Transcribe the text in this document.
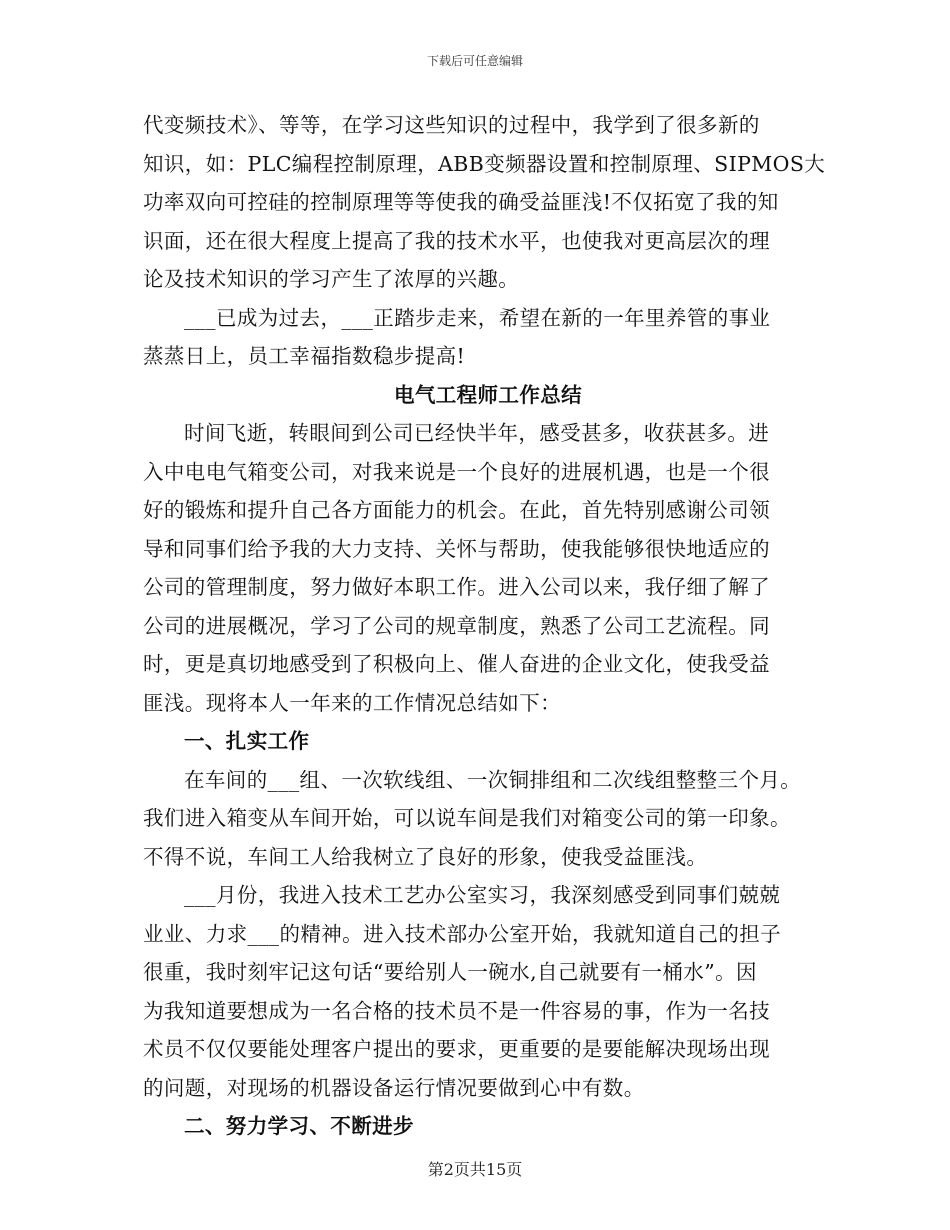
下载后可任意编辑
代变频技术》、等等，在学习这些知识的过程中，我学到了很多新的
知识，如：PLC编程控制原理，ABB变频器设置和控制原理、SIPMOS大
功率双向可控硅的控制原理等等使我的确受益匪浅!不仅拓宽了我的知
识面，还在很大程度上提高了我的技术水平，也使我对更高层次的理
论及技术知识的学习产生了浓厚的兴趣。
___已成为过去，___正踏步走来，希望在新的一年里养管的事业
蒸蒸日上，员工幸福指数稳步提高!
电气工程师工作总结
时间飞逝，转眼间到公司已经快半年，感受甚多，收获甚多。进
入中电电气箱变公司，对我来说是一个良好的进展机遇，也是一个很
好的锻炼和提升自己各方面能力的机会。在此，首先特别感谢公司领
导和同事们给予我的大力支持、关怀与帮助，使我能够很快地适应的
公司的管理制度，努力做好本职工作。进入公司以来，我仔细了解了
公司的进展概况，学习了公司的规章制度，熟悉了公司工艺流程。同
时，更是真切地感受到了积极向上、催人奋进的企业文化，使我受益
匪浅。现将本人一年来的工作情况总结如下：
一、扎实工作
在车间的___组、一次软线组、一次铜排组和二次线组整整三个月。
我们进入箱变从车间开始，可以说车间是我们对箱变公司的第一印象。
不得不说，车间工人给我树立了良好的形象，使我受益匪浅。
___月份，我进入技术工艺办公室实习，我深刻感受到同事们兢兢
业业、力求___的精神。进入技术部办公室开始，我就知道自己的担子
很重，我时刻牢记这句话“要给别人一碗水,自己就要有一桶水”。因
为我知道要想成为一名合格的技术员不是一件容易的事，作为一名技
术员不仅仅要能处理客户提出的要求，更重要的是要能解决现场出现
的问题，对现场的机器设备运行情况要做到心中有数。
二、努力学习、不断进步
第2页共15页
